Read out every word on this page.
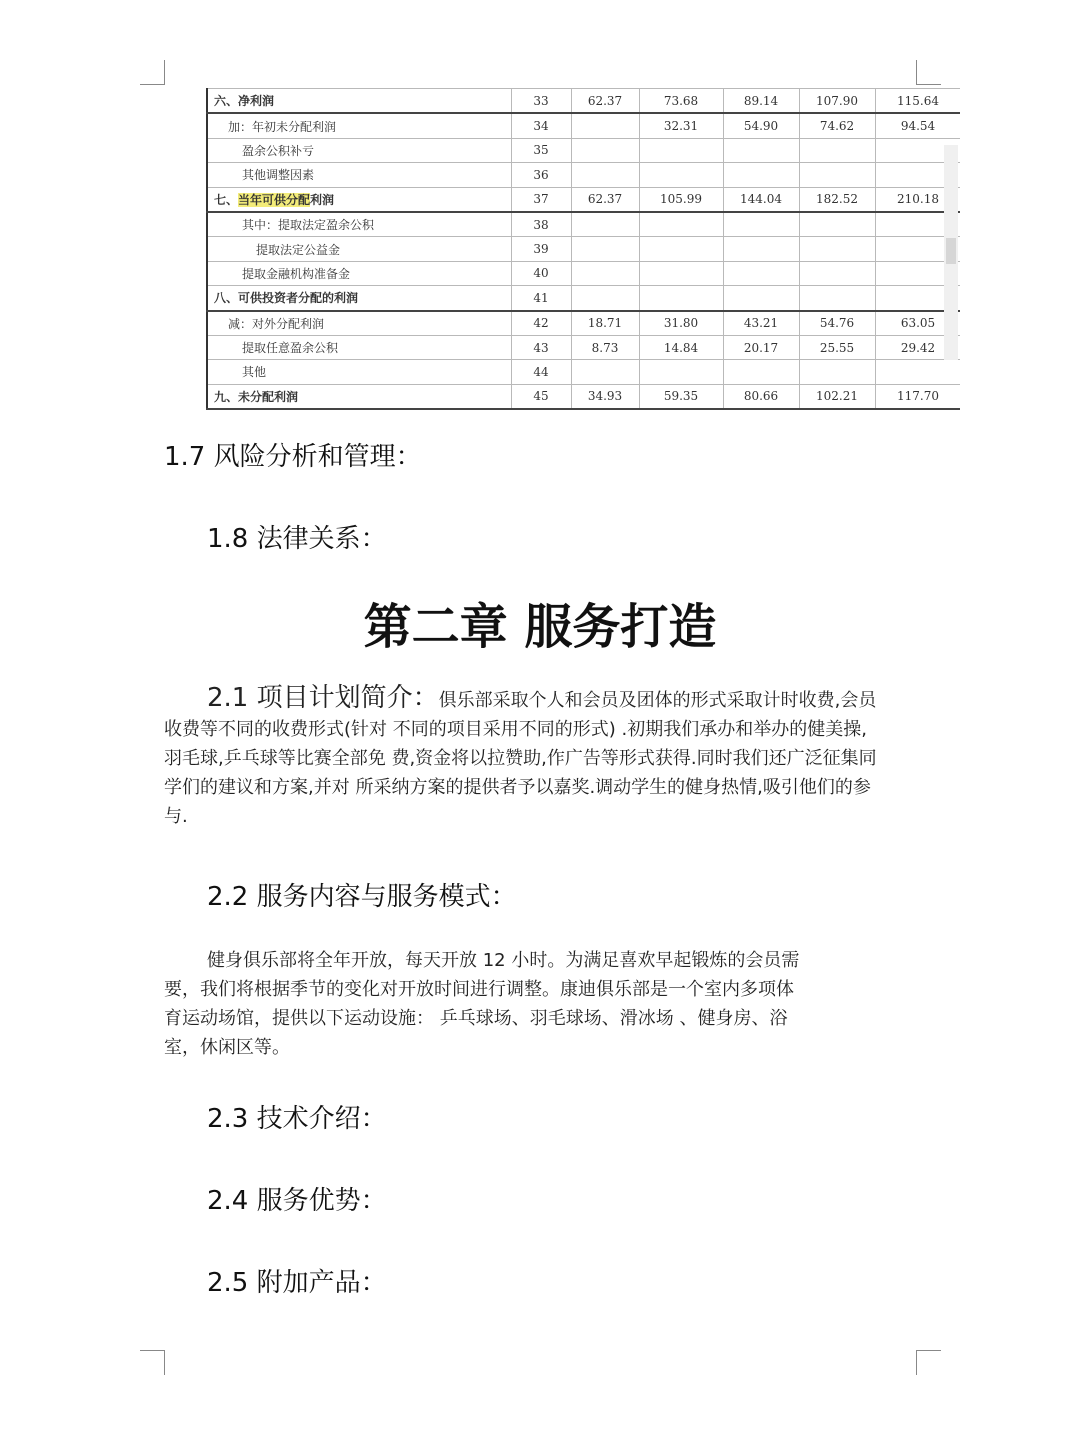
六、净利润	33	62.37	73.68	89.14	107.90	115.64
加：年初未分配利润	34		32.31	54.90	74.62	94.54
盈余公积补亏	35					
其他调整因素	36					
七、当年可供分配利润	37	62.37	105.99	144.04	182.52	210.18
其中：提取法定盈余公积	38					
提取法定公益金	39					
提取金融机构准备金	40					
八、可供投资者分配的利润	41					
减：对外分配利润	42	18.71	31.80	43.21	54.76	63.05
提取任意盈余公积	43	8.73	14.84	20.17	25.55	29.42
其他	44					
九、未分配利润	45	34.93	59.35	80.66	102.21	117.70
1.7 风险分析和管理：
1.8 法律关系：
第二章 服务打造
2.1 项目计划简介：俱乐部采取个人和会员及团体的形式采取计时收费,会员
收费等不同的收费形式(针对 不同的项目采用不同的形式) .初期我们承办和举办的健美操,
羽毛球,乒乓球等比赛全部免 费,资金将以拉赞助,作广告等形式获得.同时我们还广泛征集同
学们的建议和方案,并对 所采纳方案的提供者予以嘉奖.调动学生的健身热情,吸引他们的参
与.
2.2 服务内容与服务模式：
健身俱乐部将全年开放，每天开放 12 小时。为满足喜欢早起锻炼的会员需
要，我们将根据季节的变化对开放时间进行调整。康迪俱乐部是一个室内多项体
育运动场馆，提供以下运动设施： 乒乓球场、羽毛球场、滑冰场 、健身房、浴
室，休闲区等。
2.3 技术介绍：
2.4 服务优势：
2.5 附加产品：
